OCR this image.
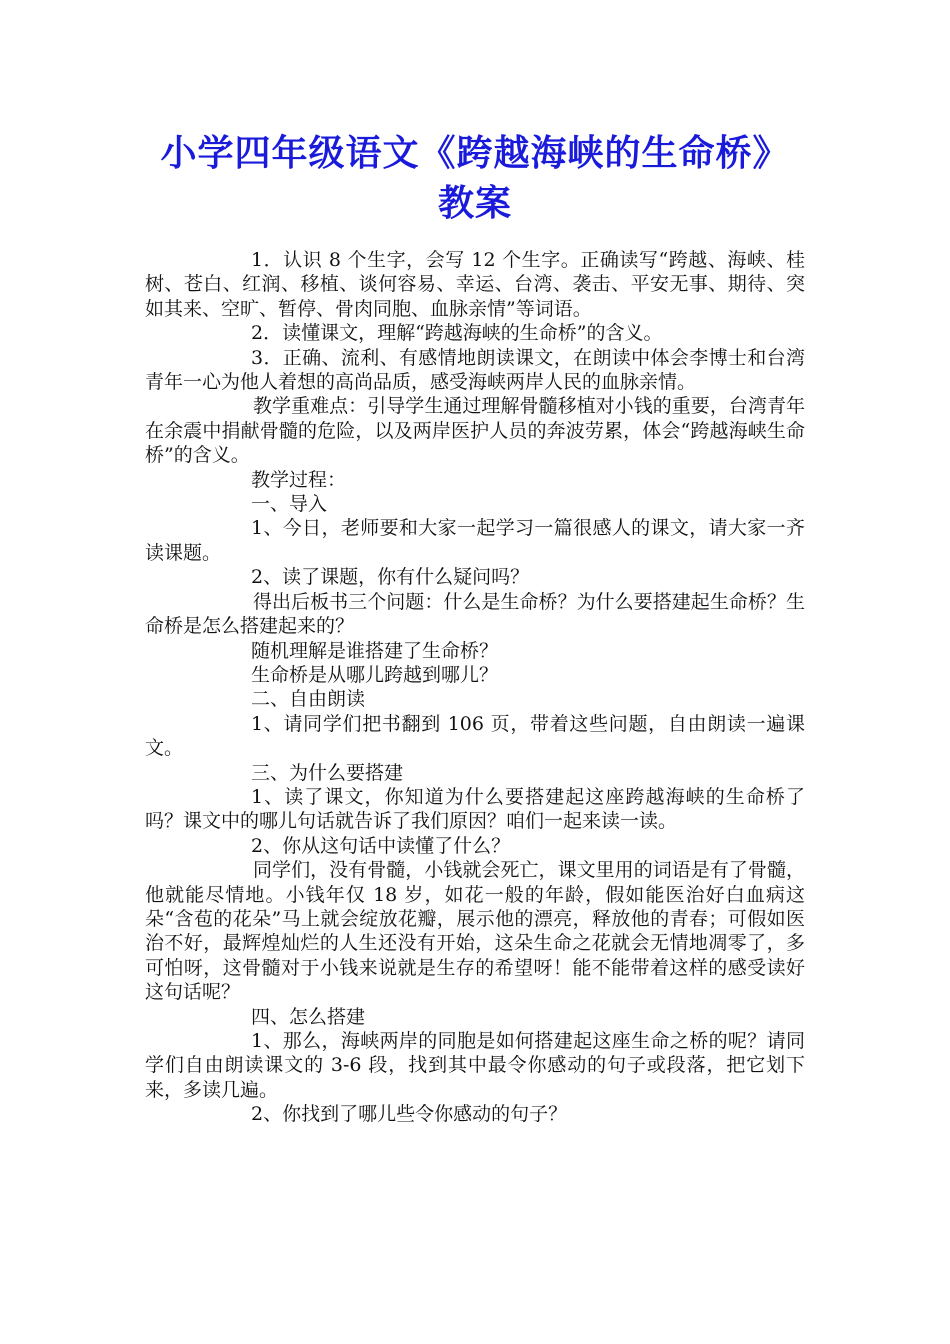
小学四年级语文《跨越海峡的生命桥》教案

1．认识 8 个生字，会写 12 个生字。正确读写“跨越、海峡、桂树、苍白、红润、移植、谈何容易、幸运、台湾、袭击、平安无事、期待、突如其来、空旷、暂停、骨肉同胞、血脉亲情”等词语。

2．读懂课文，理解“跨越海峡的生命桥”的含义。

3．正确、流利、有感情地朗读课文，在朗读中体会李博士和台湾青年一心为他人着想的高尚品质，感受海峡两岸人民的血脉亲情。

教学重难点：引导学生通过理解骨髓移植对小钱的重要，台湾青年在余震中捐献骨髓的危险，以及两岸医护人员的奔波劳累，体会“跨越海峡生命桥”的含义。

教学过程：

一、导入

1、今日，老师要和大家一起学习一篇很感人的课文，请大家一齐读课题。

2、读了课题，你有什么疑问吗？

得出后板书三个问题：什么是生命桥？为什么要搭建起生命桥？生命桥是怎么搭建起来的？

随机理解是谁搭建了生命桥？

生命桥是从哪儿跨越到哪儿？

二、自由朗读

1、请同学们把书翻到 106 页，带着这些问题，自由朗读一遍课文。

三、为什么要搭建

1、读了课文，你知道为什么要搭建起这座跨越海峡的生命桥了吗？课文中的哪儿句话就告诉了我们原因？咱们一起来读一读。

2、你从这句话中读懂了什么？

同学们，没有骨髓，小钱就会死亡，课文里用的词语是有了骨髓，他就能尽情地。小钱年仅 18 岁，如花一般的年龄，假如能医治好白血病这朵“含苞的花朵”马上就会绽放花瓣，展示他的漂亮，释放他的青春；可假如医治不好，最辉煌灿烂的人生还没有开始，这朵生命之花就会无情地凋零了，多可怕呀，这骨髓对于小钱来说就是生存的希望呀！能不能带着这样的感受读好这句话呢？

四、怎么搭建

1、那么，海峡两岸的同胞是如何搭建起这座生命之桥的呢？请同学们自由朗读课文的 3-6 段，找到其中最令你感动的句子或段落，把它划下来，多读几遍。

2、你找到了哪儿些令你感动的句子？
